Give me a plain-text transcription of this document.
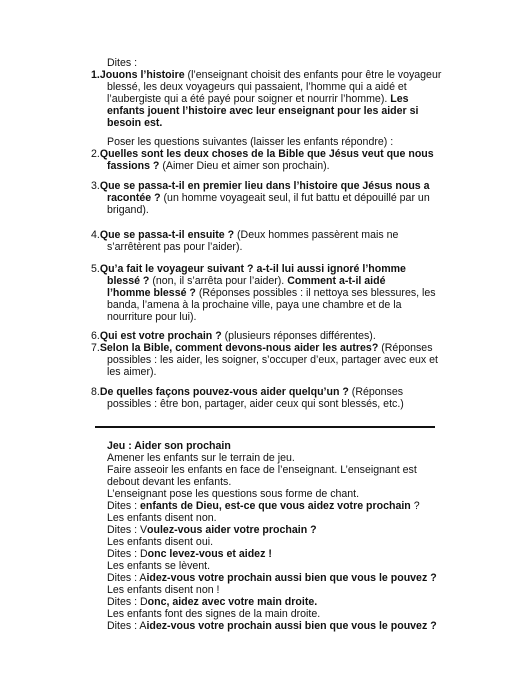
Dites :
1.Jouons l’histoire (l’enseignant choisit des enfants pour être le voyageur
blessé, les deux voyageurs qui passaient, l’homme qui a aidé et
l’aubergiste qui a été payé pour soigner et nourrir l’homme). Les
enfants jouent l’histoire avec leur enseignant pour les aider si
besoin est.
Poser les questions suivantes (laisser les enfants répondre) :
2.Quelles sont les deux choses de la Bible que Jésus veut que nous
fassions ? (Aimer Dieu et aimer son prochain).
3.Que se passa-t-il en premier lieu dans l’histoire que Jésus nous a
racontée ? (un homme voyageait seul, il fut battu et dépouillé par un
brigand).
4.Que se passa-t-il ensuite ? (Deux hommes passèrent mais ne
s’arrêtèrent pas pour l’aider).
5.Qu’a fait le voyageur suivant ? a-t-il lui aussi ignoré l’homme
blessé ? (non, il s’arrêta pour l’aider). Comment a-t-il aidé
l’homme blessé ? (Réponses possibles : il nettoya ses blessures, les
banda, l’amena à la prochaine ville, paya une chambre et de la
nourriture pour lui).
6.Qui est votre prochain ? (plusieurs réponses différentes).
7.Selon la Bible, comment devons-nous aider les autres? (Réponses
possibles : les aider, les soigner, s’occuper d’eux, partager avec eux et
les aimer).
8.De quelles façons pouvez-vous aider quelqu’un ? (Réponses
possibles : être bon, partager, aider ceux qui sont blessés, etc.)
Jeu : Aider son prochain
Amener les enfants sur le terrain de jeu.
Faire asseoir les enfants en face de l’enseignant. L’enseignant est
debout devant les enfants.
L’enseignant pose les questions sous forme de chant.
Dites : enfants de Dieu, est-ce que vous aidez votre prochain ?
Les enfants disent non.
Dites : Voulez-vous aider votre prochain ?
Les enfants disent oui.
Dites : Donc levez-vous et aidez !
Les enfants se lèvent.
Dites : Aidez-vous votre prochain aussi bien que vous le pouvez ?
Les enfants disent non !
Dites : Donc, aidez avec votre main droite.
Les enfants font des signes de la main droite.
Dites : Aidez-vous votre prochain aussi bien que vous le pouvez ?
